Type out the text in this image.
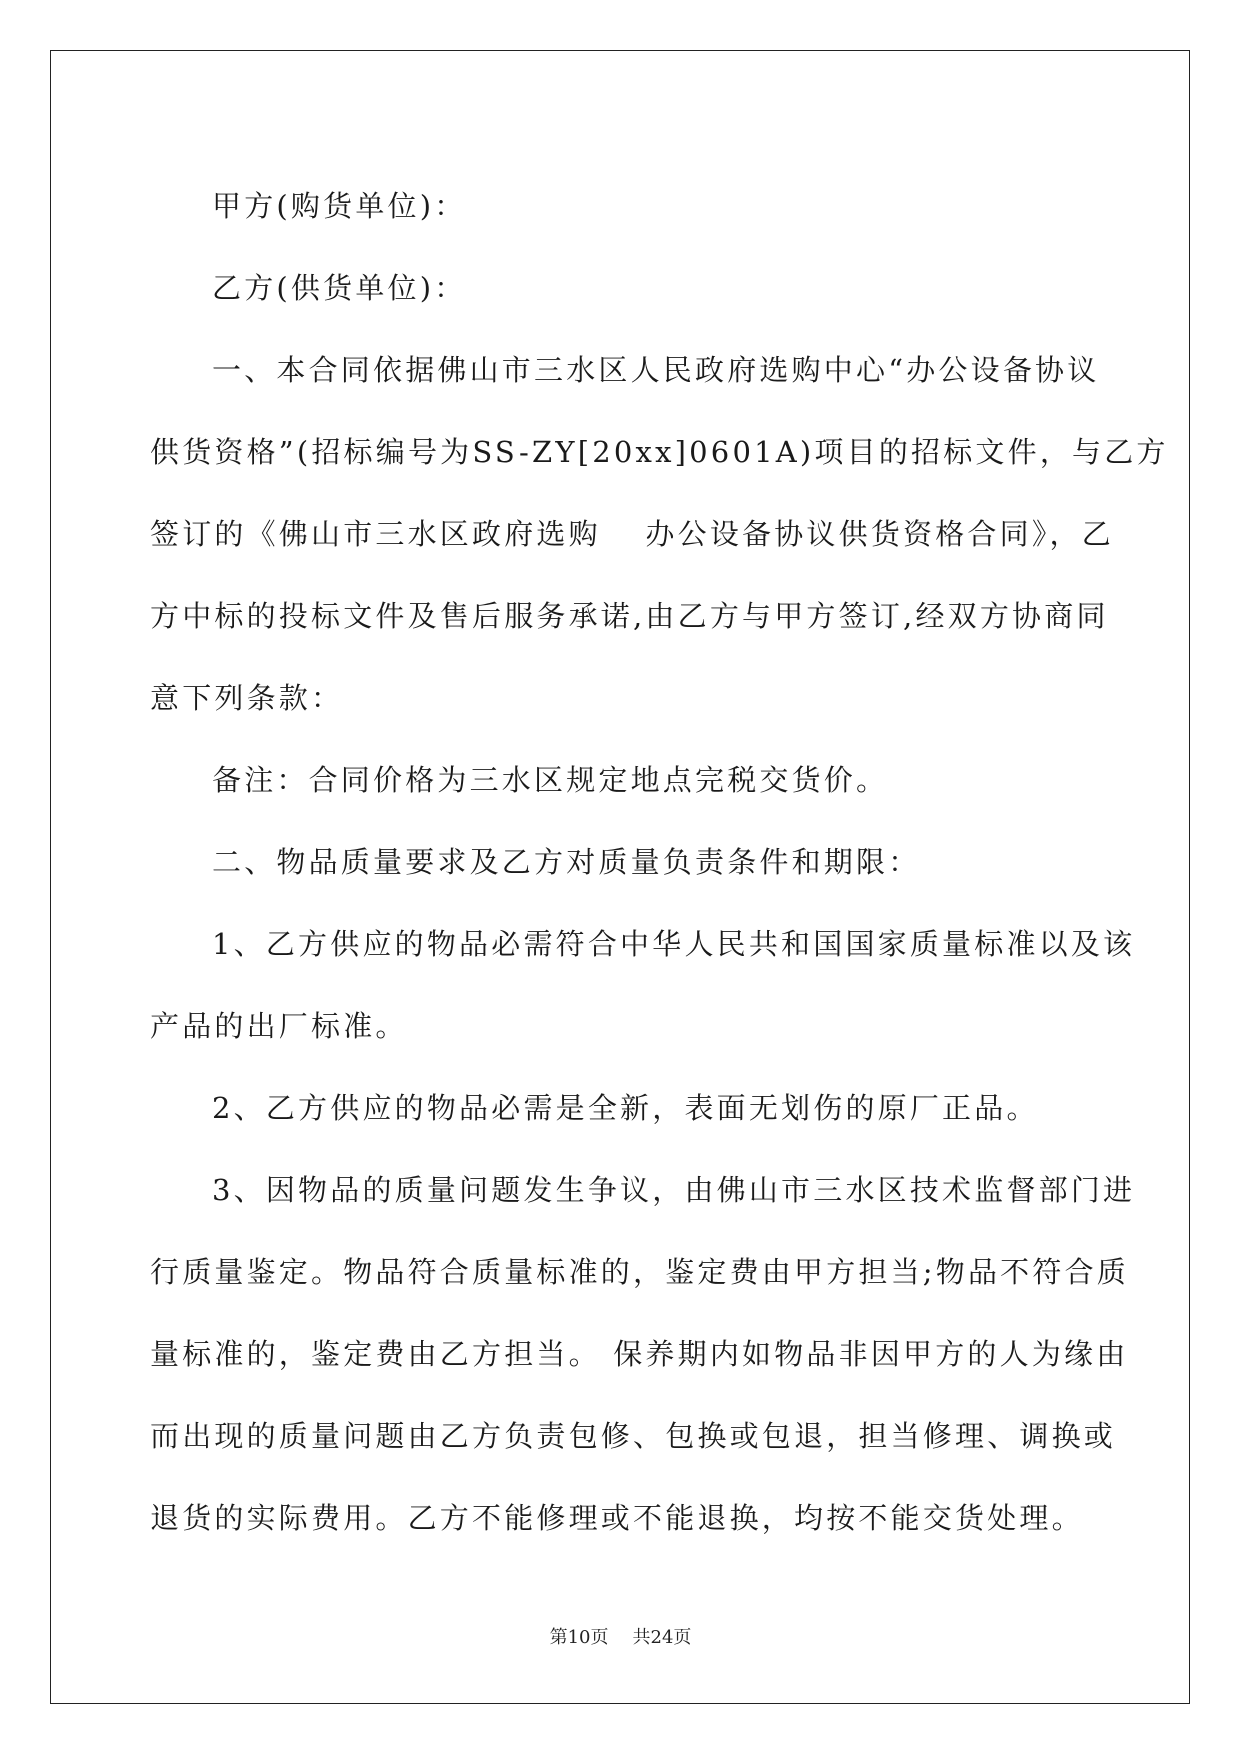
甲方(购货单位)：
乙方(供货单位)：
一、本合同依据佛山市三水区人民政府选购中心“办公设备协议
供货资格”(招标编号为SS-ZY[20xx]0601A)项目的招标文件，与乙方
签订的《佛山市三水区政府选购　 办公设备协议供货资格合同》，乙
方中标的投标文件及售后服务承诺,由乙方与甲方签订,经双方协商同
意下列条款：
备注：合同价格为三水区规定地点完税交货价。
二、物品质量要求及乙方对质量负责条件和期限：
1、乙方供应的物品必需符合中华人民共和国国家质量标准以及该
产品的出厂标准。
2、乙方供应的物品必需是全新，表面无划伤的原厂正品。
3、因物品的质量问题发生争议，由佛山市三水区技术监督部门进
行质量鉴定。物品符合质量标准的，鉴定费由甲方担当;物品不符合质
量标准的，鉴定费由乙方担当。 保养期内如物品非因甲方的人为缘由
而出现的质量问题由乙方负责包修、包换或包退，担当修理、调换或
退货的实际费用。乙方不能修理或不能退换，均按不能交货处理。
第10页 共24页
